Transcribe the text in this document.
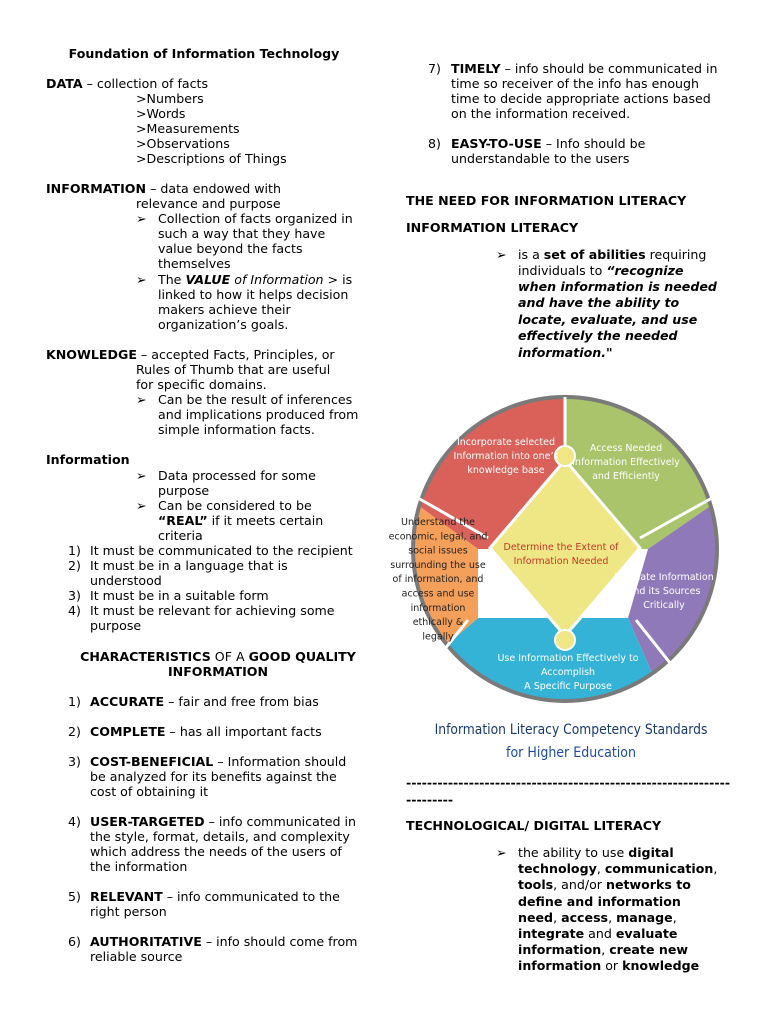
Foundation of Information Technology
DATA – collection of facts
>Numbers
>Words
>Measurements
>Observations
>Descriptions of Things
INFORMATION – data endowed with
relevance and purpose
➢ Collection of facts organized in
such a way that they have
value beyond the facts
themselves
➢ The VALUE of Information > is
linked to how it helps decision
makers achieve their
organization’s goals.
KNOWLEDGE – accepted Facts, Principles, or
Rules of Thumb that are useful
for specific domains.
➢ Can be the result of inferences
and implications produced from
simple information facts.
Information
➢ Data processed for some
purpose
➢ Can be considered to be
“REAL” if it meets certain
criteria
1) It must be communicated to the recipient
2) It must be in a language that is
understood
3) It must be in a suitable form
4) It must be relevant for achieving some
purpose
CHARACTERISTICS OF A GOOD QUALITY
INFORMATION
1) ACCURATE – fair and free from bias
2) COMPLETE – has all important facts
3) COST-BENEFICIAL – Information should
be analyzed for its benefits against the
cost of obtaining it
4) USER-TARGETED – info communicated in
the style, format, details, and complexity
which address the needs of the users of
the information
5) RELEVANT – info communicated to the
right person
6) AUTHORITATIVE – info should come from
reliable source
7) TIMELY – info should be communicated in
time so receiver of the info has enough
time to decide appropriate actions based
on the information received.
8) EASY-TO-USE – Info should be
understandable to the users
THE NEED FOR INFORMATION LITERACY
INFORMATION LITERACY
➢ is a set of abilities requiring
individuals to “recognize
when information is needed
and have the ability to
locate, evaluate, and use
effectively the needed
information."
Incorporate selected
Information into one’s
knowledge base
Access Needed
Information Effectively
and Efficiently
Evaluate Information
and its Sources
Critically
Use Information Effectively to
Accomplish
A Specific Purpose
Understand the
economic, legal, and
social issues
surrounding the use
of information, and
access and use
information
ethically &
legally
Determine the Extent of
Information Needed
Information Literacy Competency Standards
for Higher Education
--------------------------------------------------------------
---------
TECHNOLOGICAL/ DIGITAL LITERACY
➢ the ability to use digital
technology, communication,
tools, and/or networks to
define and information
need, access, manage,
integrate and evaluate
information, create new
information or knowledge
